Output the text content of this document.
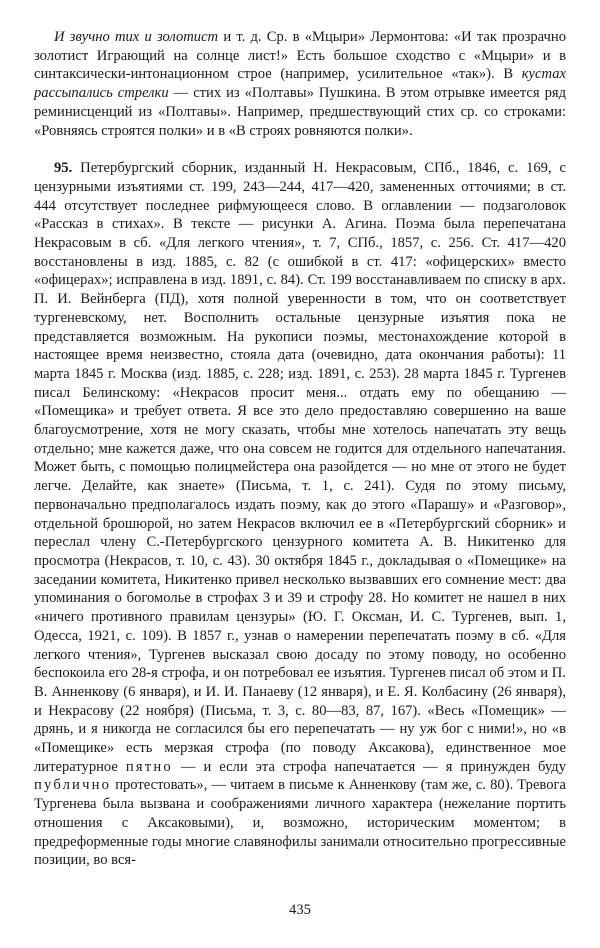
И звучно тих и золотист и т. д. Ср. в «Мцыри» Лермонтова: «И так прозрачно золотист Играющий на солнце лист!» Есть большое сходство с «Мцыри» и в синтаксически-интонационном строе (например, усилительное «так»). В кустах рассыпались стрелки — стих из «Полтавы» Пушкина. В этом отрывке имеется ряд реминисценций из «Полтавы». Например, предшествующий стих ср. со строками: «Ровняясь строятся полки» и в «В строях ровняются полки».

95. Петербургский сборник, изданный Н. Некрасовым, СПб., 1846, с. 169, с цензурными изъятиями ст. 199, 243—244, 417—420, замененных отточиями; в ст. 444 отсутствует последнее рифмующееся слово. В оглавлении — подзаголовок «Рассказ в стихах». В тексте — рисунки А. Агина. Поэма была перепечатана Некрасовым в сб. «Для легкого чтения», т. 7, СПб., 1857, с. 256. Ст. 417—420 восстановлены в изд. 1885, с. 82 (с ошибкой в ст. 417: «офицерских» вместо «офицерах»; исправлена в изд. 1891, с. 84). Ст. 199 восстанавливаем по списку в арх. П. И. Вейнберга (ПД), хотя полной уверенности в том, что он соответствует тургеневскому, нет. Восполнить остальные цензурные изъятия пока не представляется возможным. На рукописи поэмы, местонахождение которой в настоящее время неизвестно, стояла дата (очевидно, дата окончания работы): 11 марта 1845 г. Москва (изд. 1885, с. 228; изд. 1891, с. 253). 28 марта 1845 г. Тургенев писал Белинскому: «Некрасов просит меня... отдать ему по обещанию — «Помещика» и требует ответа. Я все это дело предоставляю совершенно на ваше благоусмотрение, хотя не могу сказать, чтобы мне хотелось напечатать эту вещь отдельно; мне кажется даже, что она совсем не годится для отдельного напечатания. Может быть, с помощью полицмейстера она разойдется — но мне от этого не будет легче. Делайте, как знаете» (Письма, т. 1, с. 241). Судя по этому письму, первоначально предполагалось издать поэму, как до этого «Парашу» и «Разговор», отдельной брошюрой, но затем Некрасов включил ее в «Петербургский сборник» и переслал члену С.-Петербургского цензурного комитета А. В. Никитенко для просмотра (Некрасов, т. 10, с. 43). 30 октября 1845 г., докладывая о «Помещике» на заседании комитета, Никитенко привел несколько вызвавших его сомнение мест: два упоминания о богомолье в строфах 3 и 39 и строфу 28. Но комитет не нашел в них «ничего противного правилам цензуры» (Ю. Г. Оксман, И. С. Тургенев, вып. 1, Одесса, 1921, с. 109). В 1857 г., узнав о намерении перепечатать поэму в сб. «Для легкого чтения», Тургенев высказал свою досаду по этому поводу, но особенно беспокоила его 28-я строфа, и он потребовал ее изъятия. Тургенев писал об этом и П. В. Анненкову (6 января), и И. И. Панаеву (12 января), и Е. Я. Колбасину (26 января), и Некрасову (22 ноября) (Письма, т. 3, с. 80—83, 87, 167). «Весь «Помещик» — дрянь, и я никогда не согласился бы его перепечатать — ну уж бог с ними!», но «в «Помещике» есть мерзкая строфа (по поводу Аксакова), единственное мое литературное пятно — и если эта строфа напечатается — я принужден буду публично протестовать», — читаем в письме к Анненкову (там же, с. 80). Тревога Тургенева была вызвана и соображениями личного характера (нежелание портить отношения с Аксаковыми), и, возможно, историческим моментом; в предреформенные годы многие славянофилы занимали относительно прогрессивные позиции, во вся-

435
